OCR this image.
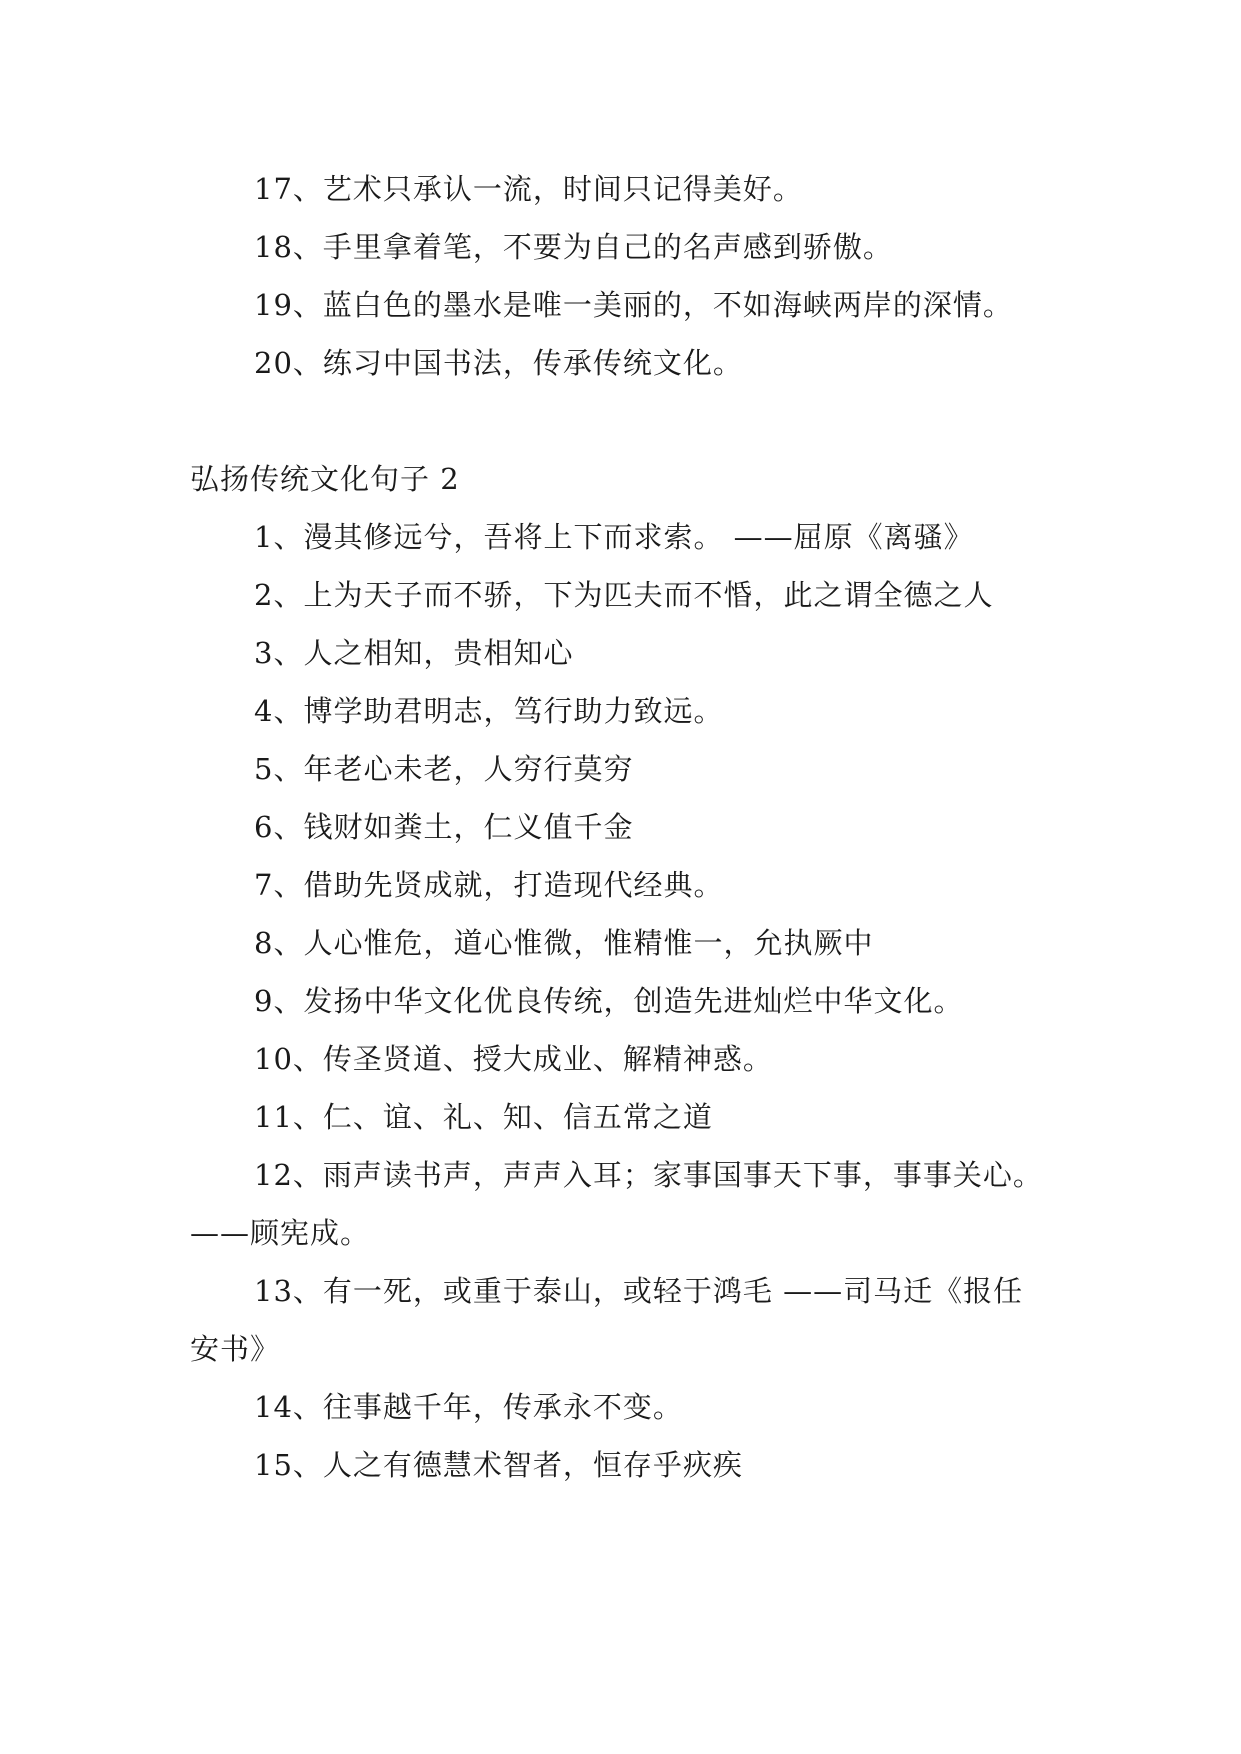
17、艺术只承认一流，时间只记得美好。

18、手里拿着笔，不要为自己的名声感到骄傲。

19、蓝白色的墨水是唯一美丽的，不如海峡两岸的深情。

20、练习中国书法，传承传统文化。

弘扬传统文化句子 2

1、漫其修远兮，吾将上下而求索。 ——屈原《离骚》

2、上为天子而不骄，下为匹夫而不惛，此之谓全德之人

3、人之相知，贵相知心

4、博学助君明志，笃行助力致远。

5、年老心未老，人穷行莫穷

6、钱财如粪土，仁义值千金

7、借助先贤成就，打造现代经典。

8、人心惟危，道心惟微，惟精惟一，允执厥中

9、发扬中华文化优良传统，创造先进灿烂中华文化。

10、传圣贤道、授大成业、解精神惑。

11、仁、谊、礼、知、信五常之道

12、雨声读书声，声声入耳；家事国事天下事，事事关心。 ——顾宪成。

13、有一死，或重于泰山，或轻于鸿毛 ——司马迁《报任安书》

14、往事越千年，传承永不变。

15、人之有德慧术智者，恒存乎疢疾
